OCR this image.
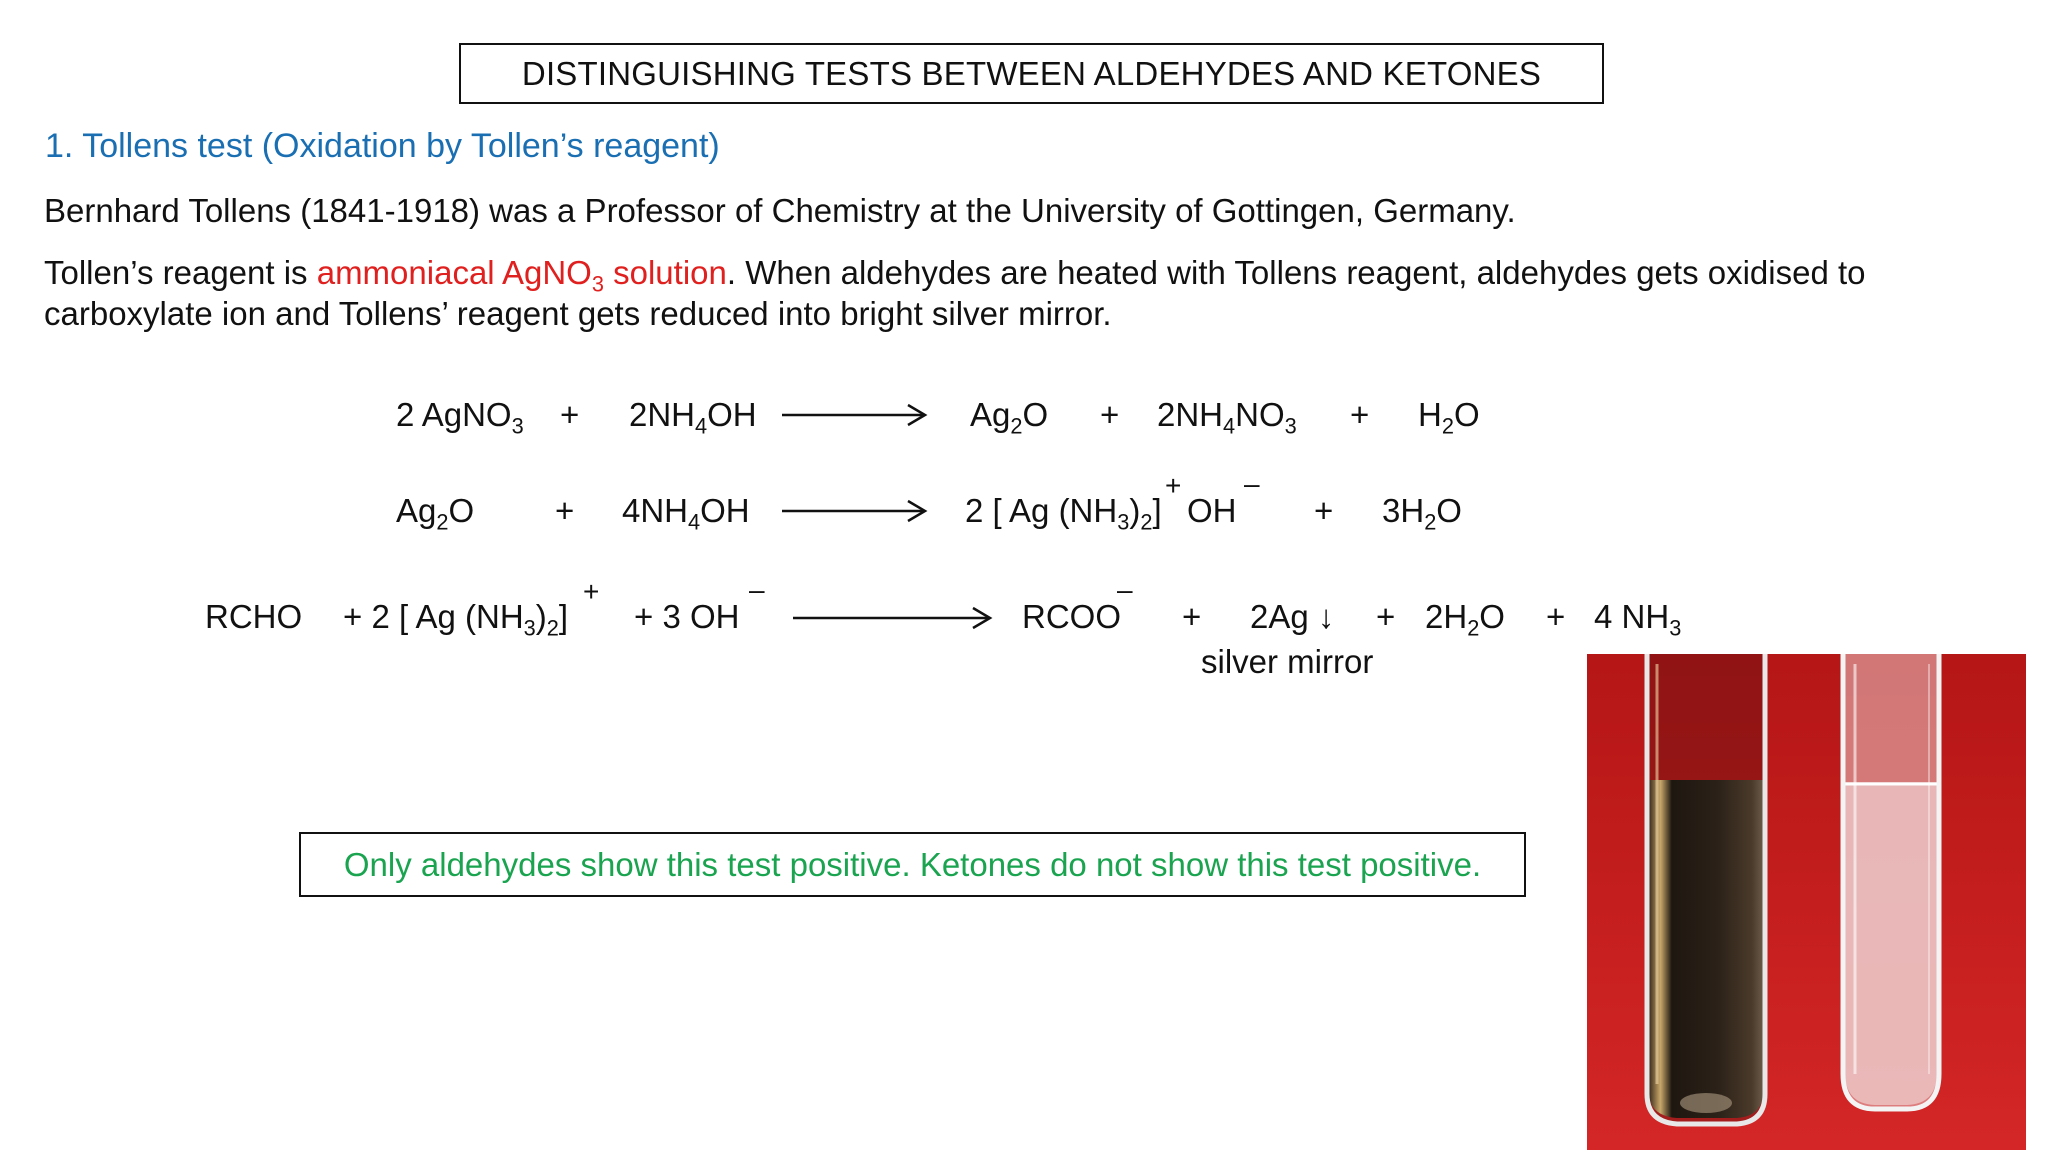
DISTINGUISHING TESTS BETWEEN ALDEHYDES AND KETONES
1. Tollens test (Oxidation by Tollen’s reagent)
Bernhard Tollens (1841-1918) was a Professor of Chemistry at the University of Gottingen, Germany.
Tollen’s reagent is ammoniacal AgNO$_3$ solution. When aldehydes are heated with Tollens reagent, aldehydes gets oxidised to
carboxylate ion and Tollens’ reagent gets reduced into bright silver mirror.
2 AgNO$_3$ + $2NH_4OH$	$Ag_2O + 2NH_4NO_3 + H_2O$
$Ag_2O + 4NH_4OH$	2 [ Ag $(NH_3)_2$]
+
OH
–
+ $3H_2O$
RCHO + 2 [ Ag $(NH_3)_2$]
+
+ 3 OH
–
RCOO
–
+ 2Ag ↓ + $2H_2O + 4$ $NH_3$
silver mirror
Only aldehydes show this test positive. Ketones do not show this test positive.
